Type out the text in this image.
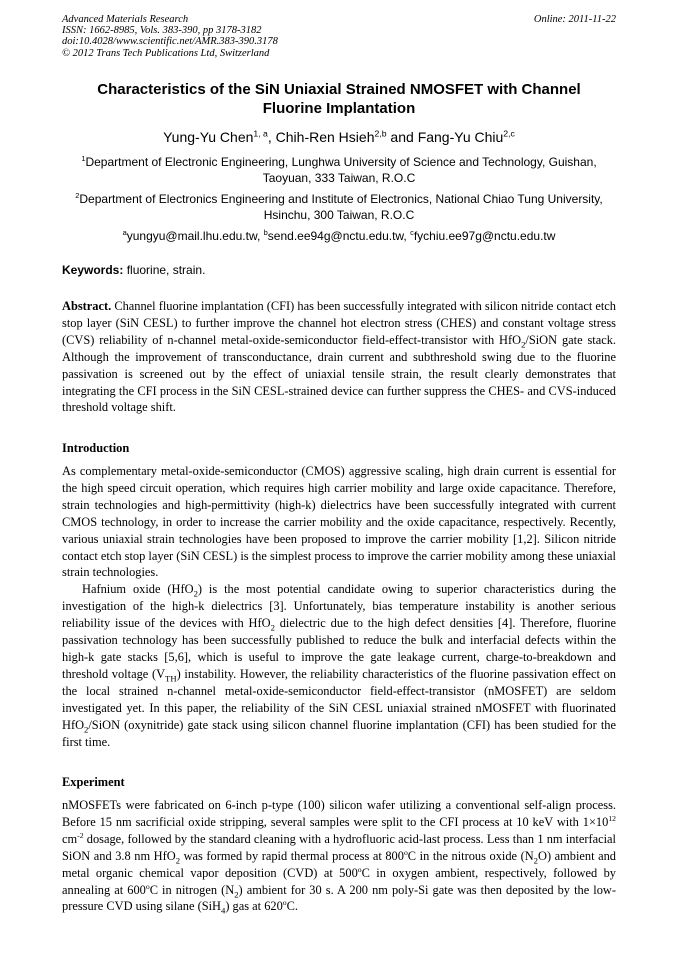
Advanced Materials Research
ISSN: 1662-8985, Vols. 383-390, pp 3178-3182
doi:10.4028/www.scientific.net/AMR.383-390.3178
© 2012 Trans Tech Publications Ltd, Switzerland
Online: 2011-11-22
Characteristics of the SiN Uniaxial Strained NMOSFET with Channel
Fluorine Implantation
Yung-Yu Chen$^{1, a}$, Chih-Ren Hsieh$^{2,b}$ and Fang-Yu Chiu$^{2,c}$
$^1$Department of Electronic Engineering, Lunghwa University of Science and Technology, Guishan,
Taoyuan, 333 Taiwan, R.O.C
$^2$Department of Electronics Engineering and Institute of Electronics, National Chiao Tung University,
Hsinchu, 300 Taiwan, R.O.C
$^a$yungyu@mail.lhu.edu.tw, $^b$send.ee94g@nctu.edu.tw, $^c$fychiu.ee97g@nctu.edu.tw
Keywords: fluorine, strain.

Abstract. Channel fluorine implantation (CFI) has been successfully integrated with silicon nitride contact etch stop layer (SiN CESL) to further improve the channel hot electron stress (CHES) and constant voltage stress (CVS) reliability of n-channel metal-oxide-semiconductor field-effect-transistor with HfO$_2$/SiON gate stack. Although the improvement of transconductance, drain current and subthreshold swing due to the fluorine passivation is screened out by the effect of uniaxial tensile strain, the result clearly demonstrates that integrating the CFI process in the SiN CESL-strained device can further suppress the CHES- and CVS-induced threshold voltage shift.

Introduction

As complementary metal-oxide-semiconductor (CMOS) aggressive scaling, high drain current is essential for the high speed circuit operation, which requires high carrier mobility and large oxide capacitance. Therefore, strain technologies and high-permittivity (high-k) dielectrics have been successfully integrated with current CMOS technology, in order to increase the carrier mobility and the oxide capacitance, respectively. Recently, various uniaxial strain technologies have been proposed to improve the carrier mobility [1,2]. Silicon nitride contact etch stop layer (SiN CESL) is the simplest process to improve the carrier mobility among these uniaxial strain technologies.

Hafnium oxide (HfO$_2$) is the most potential candidate owing to superior characteristics during the investigation of the high-k dielectrics [3]. Unfortunately, bias temperature instability is another serious reliability issue of the devices with HfO$_2$ dielectric due to the high defect densities [4]. Therefore, fluorine passivation technology has been successfully published to reduce the bulk and interfacial defects within the high-k gate stacks [5,6], which is useful to improve the gate leakage current, charge-to-breakdown and threshold voltage $(V_{TH})$ instability. However, the reliability characteristics of the fluorine passivation effect on the local strained n-channel metal-oxide-semiconductor field-effect-transistor (nMOSFET) are seldom investigated yet. In this paper, the reliability of the SiN CESL uniaxial strained nMOSFET with fluorinated HfO$_2$/SiON (oxynitride) gate stack using silicon channel fluorine implantation (CFI) has been studied for the first time.

Experiment

nMOSFETs were fabricated on 6-inch p-type (100) silicon wafer utilizing a conventional self-align process. Before 15 nm sacrificial oxide stripping, several samples were split to the CFI process at 10 keV with $1\times 10^{12}$ $cm^{-2}$ dosage, followed by the standard cleaning with a hydrofluoric acid-last process. Less than 1 nm interfacial SiON and 3.8 nm HfO$_2$ was formed by rapid thermal process at 800$^o$C in the nitrous oxide $(N_2O)$ ambient and metal organic chemical vapor deposition (CVD) at 500$^o$C in oxygen ambient, respectively, followed by annealing at 600$^o$C in nitrogen $(N_2)$ ambient for 30 s. A 200 nm poly-Si gate was then deposited by the low-pressure CVD using silane (SiH$_4$) gas at 620$^o$C.
